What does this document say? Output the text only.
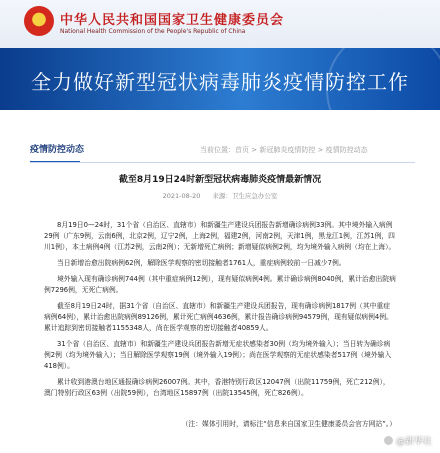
中华人民共和国国家卫生健康委员会
National Health Commission of the People's Republic of China
全力做好新型冠状病毒肺炎疫情防控工作
疫情防控动态	当前位置：首页 > 新冠肺炎疫情防控 > 疫情防控动态
截至8月19日24时新型冠状病毒肺炎疫情最新情况
2021-08-20 来源：卫生应急办公室

8月19日0—24时，31个省（自治区、直辖市）和新疆生产建设兵团报告新增确诊病例33例。其中境外输入病例29例（广东9例，云南6例，北京2例，辽宁2例，上海2例，福建2例，河南2例，天津1例，黑龙江1例，江苏1例，四川1例），本土病例4例（江苏2例，云南2例）；无新增死亡病例；新增疑似病例2例，均为境外输入病例（均在上海）。

当日新增治愈出院病例62例，解除医学观察的密切接触者1761人，重症病例较前一日减少7例。

境外输入现有确诊病例744例（其中重症病例12例），现有疑似病例4例。累计确诊病例8040例，累计治愈出院病例7296例，无死亡病例。

截至8月19日24时，据31个省（自治区、直辖市）和新疆生产建设兵团报告，现有确诊病例1817例（其中重症病例64例），累计治愈出院病例89126例，累计死亡病例4636例，累计报告确诊病例94579例，现有疑似病例4例。累计追踪到密切接触者1155348人，尚在医学观察的密切接触者40859人。

31个省（自治区、直辖市）和新疆生产建设兵团报告新增无症状感染者30例（均为境外输入）；当日转为确诊病例2例（均为境外输入）；当日解除医学观察19例（境外输入19例）；尚在医学观察的无症状感染者517例（境外输入418例）。

累计收到港澳台地区通报确诊病例26007例。其中，香港特别行政区12047例（出院11759例，死亡212例），澳门特别行政区63例（出院59例），台湾地区15897例（出院13545例，死亡826例）。

（注：媒体引用时，请标注“信息来自国家卫生健康委员会官方网站”。）
@新华社
